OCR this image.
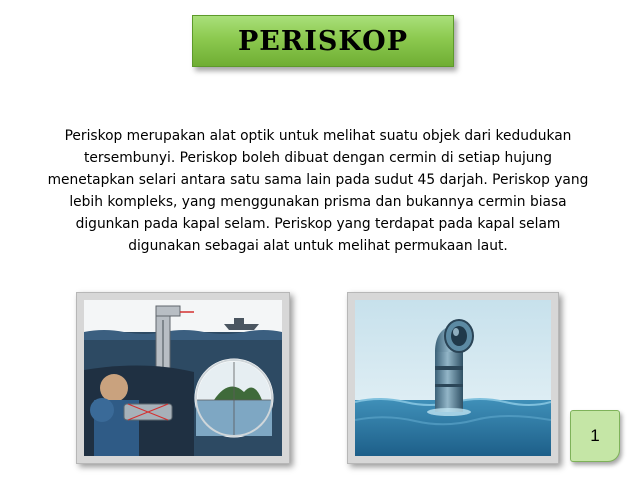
PERISKOP
Periskop merupakan alat optik untuk melihat suatu objek dari kedudukan tersembunyi. Periskop boleh dibuat dengan cermin di setiap hujung menetapkan selari antara satu sama lain pada sudut 45 darjah. Periskop yang lebih kompleks, yang menggunakan prisma dan bukannya cermin biasa digunkan pada kapal selam. Periskop yang terdapat pada kapal selam digunakan sebagai alat untuk melihat permukaan laut.
1
